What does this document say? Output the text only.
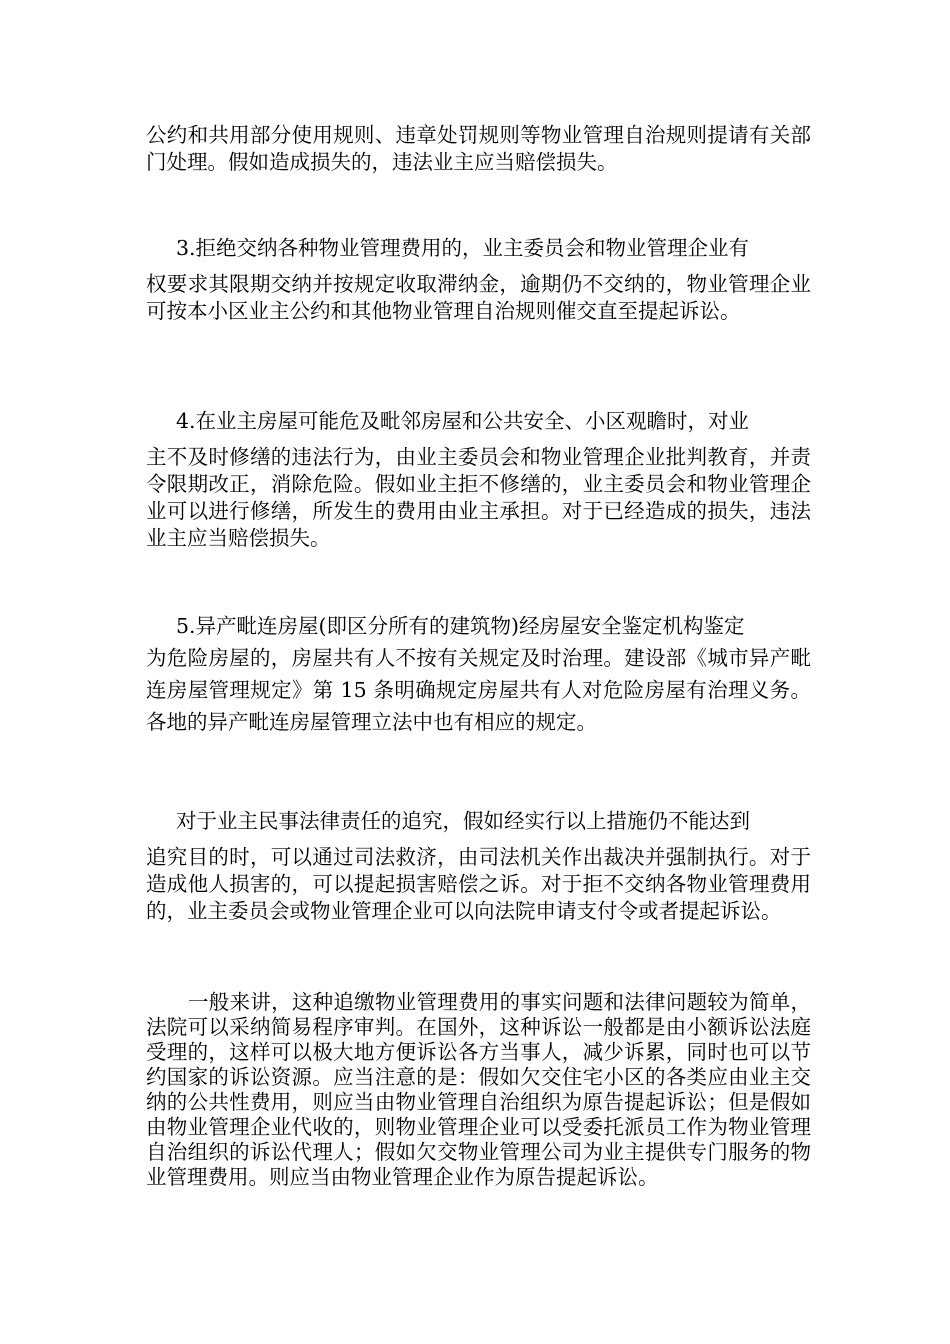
公约和共用部分使用规则、违章处罚规则等物业管理自治规则提请有关部门处理。假如造成损失的，违法业主应当赔偿损失。

3.拒绝交纳各种物业管理费用的，业主委员会和物业管理企业有
权要求其限期交纳并按规定收取滞纳金，逾期仍不交纳的，物业管理企业可按本小区业主公约和其他物业管理自治规则催交直至提起诉讼。

4.在业主房屋可能危及毗邻房屋和公共安全、小区观瞻时，对业
主不及时修缮的违法行为，由业主委员会和物业管理企业批判教育，并责令限期改正，消除危险。假如业主拒不修缮的，业主委员会和物业管理企业可以进行修缮，所发生的费用由业主承担。对于已经造成的损失，违法业主应当赔偿损失。

5.异产毗连房屋(即区分所有的建筑物)经房屋安全鉴定机构鉴定
为危险房屋的，房屋共有人不按有关规定及时治理。建设部《城市异产毗连房屋管理规定》第 15 条明确规定房屋共有人对危险房屋有治理义务。各地的异产毗连房屋管理立法中也有相应的规定。

对于业主民事法律责任的追究，假如经实行以上措施仍不能达到
追究目的时，可以通过司法救济，由司法机关作出裁决并强制执行。对于造成他人损害的，可以提起损害赔偿之诉。对于拒不交纳各物业管理费用的，业主委员会或物业管理企业可以向法院申请支付令或者提起诉讼。

一般来讲，这种追缴物业管理费用的事实问题和法律问题较为简单，法院可以采纳简易程序审判。在国外，这种诉讼一般都是由小额诉讼法庭受理的，这样可以极大地方便诉讼各方当事人，减少诉累，同时也可以节约国家的诉讼资源。应当注意的是：假如欠交住宅小区的各类应由业主交纳的公共性费用，则应当由物业管理自治组织为原告提起诉讼；但是假如由物业管理企业代收的，则物业管理企业可以受委托派员工作为物业管理自治组织的诉讼代理人；假如欠交物业管理公司为业主提供专门服务的物业管理费用。则应当由物业管理企业作为原告提起诉讼。
